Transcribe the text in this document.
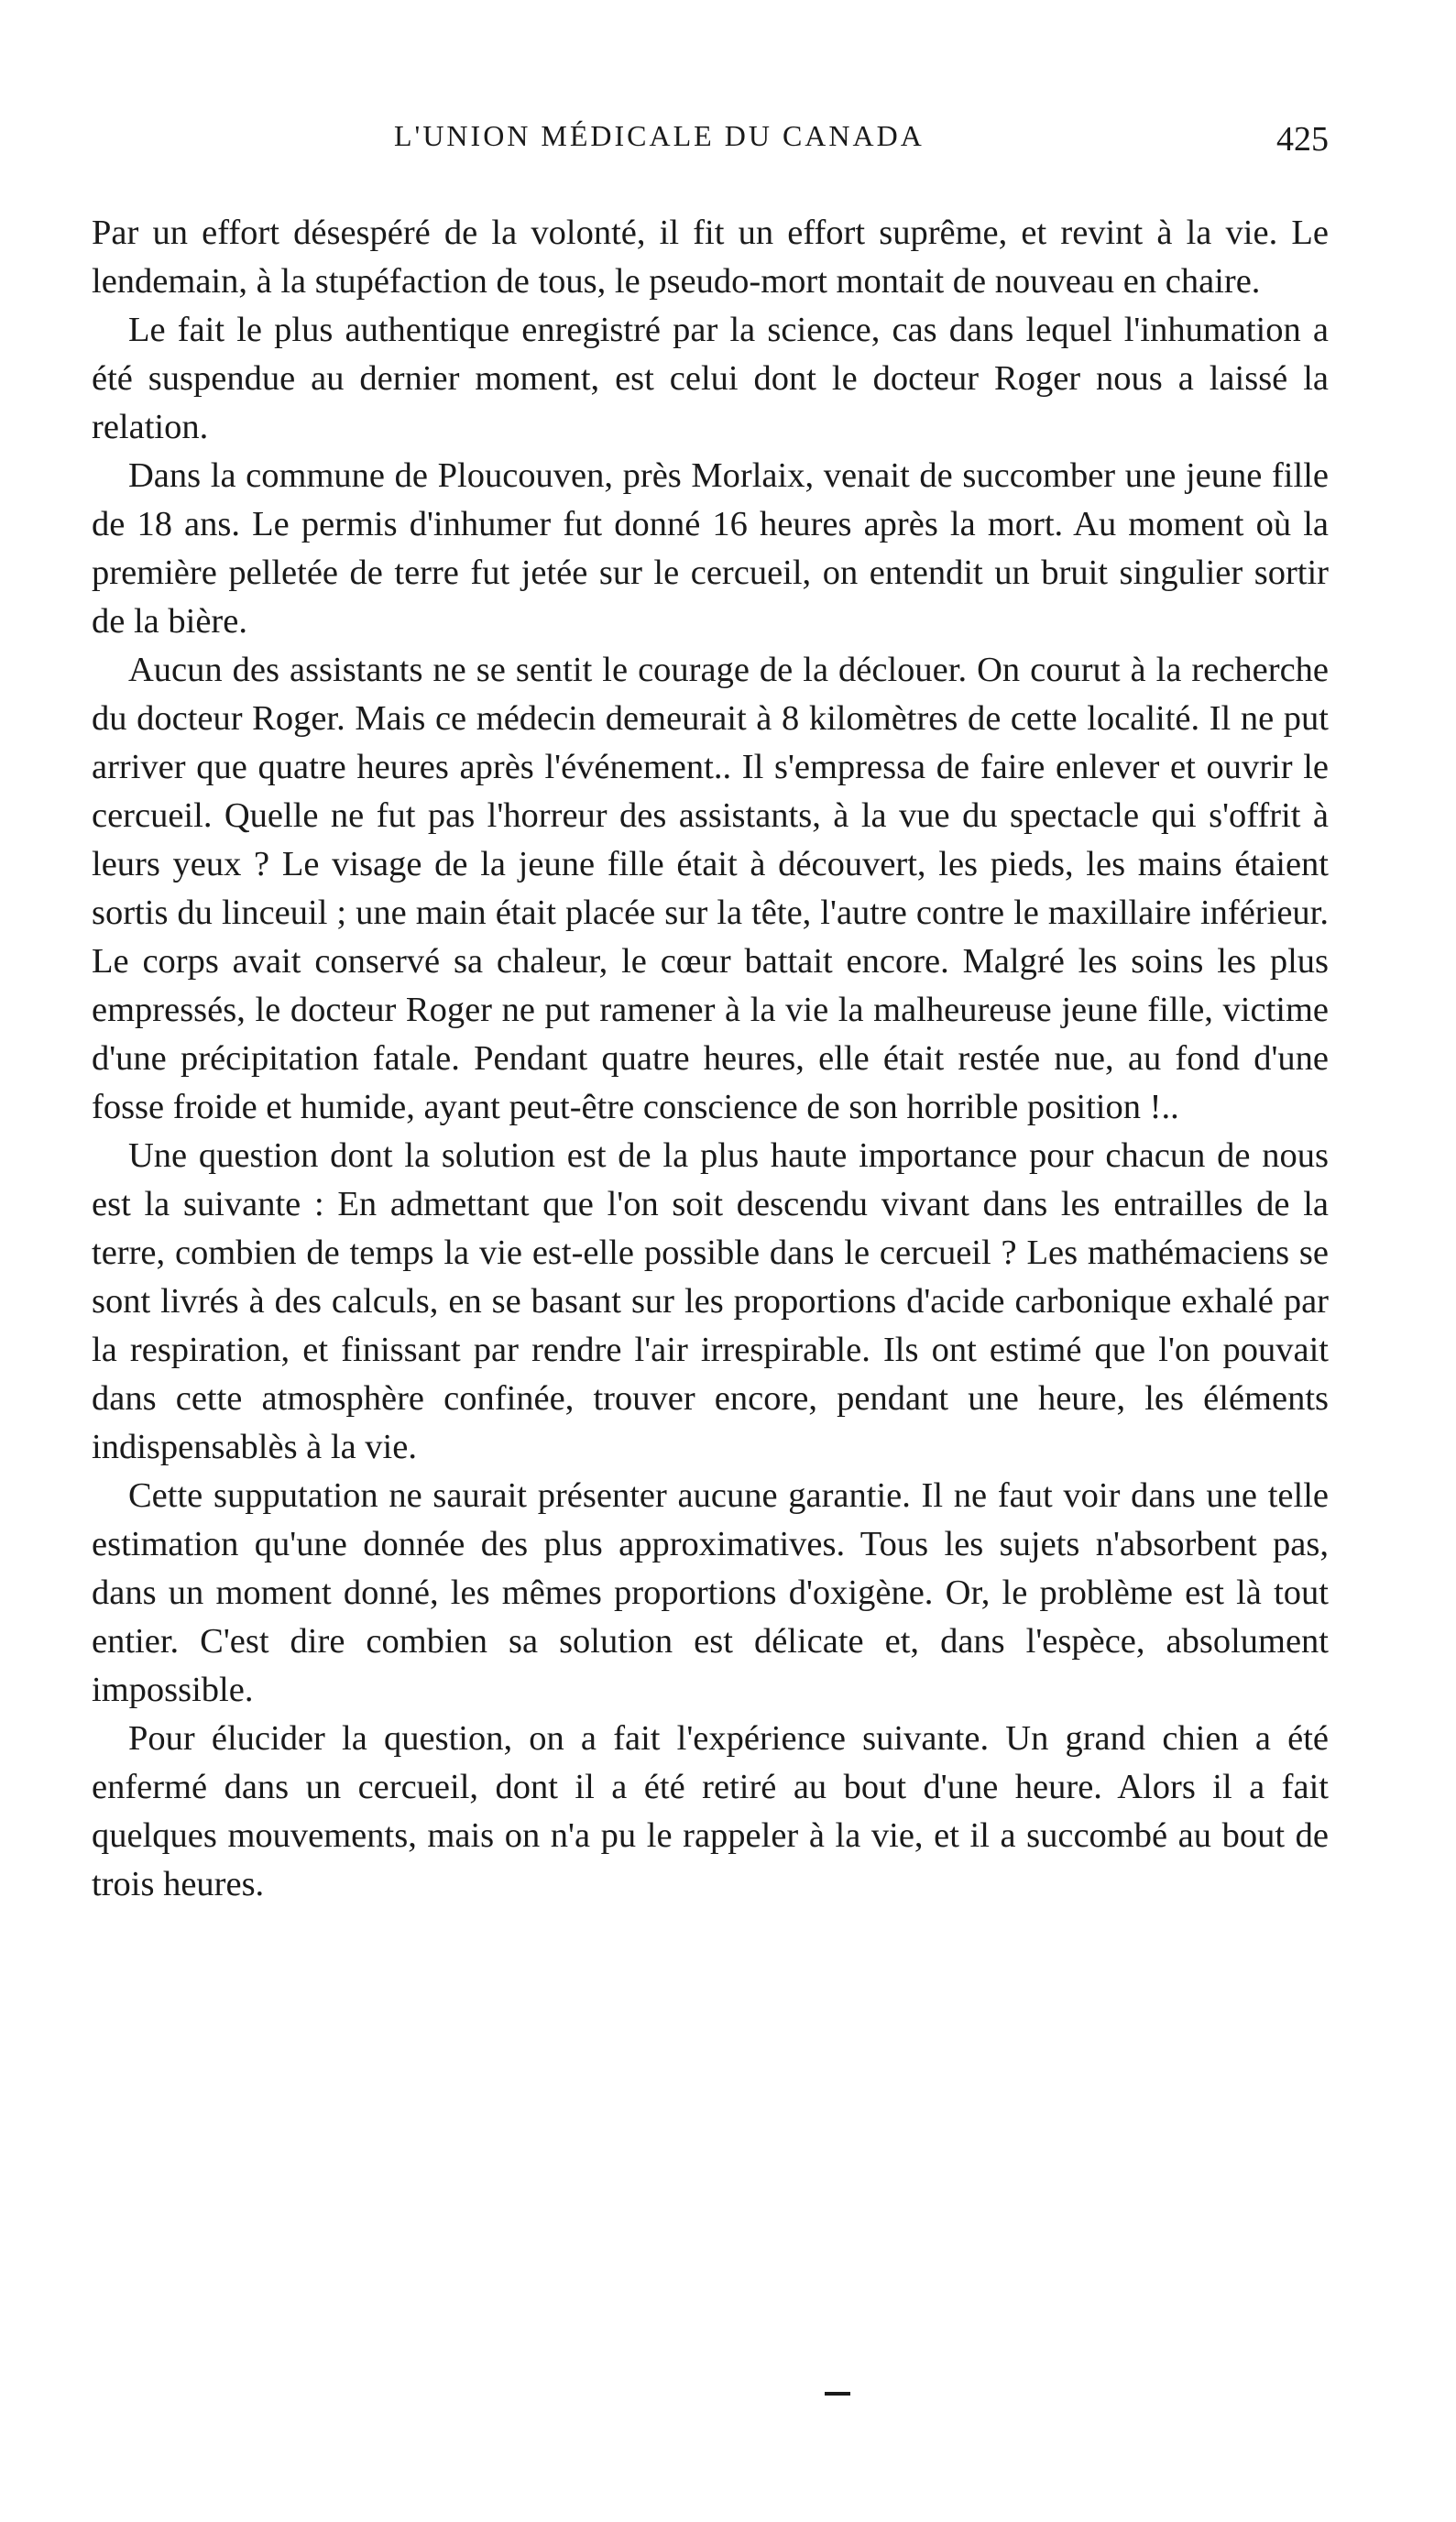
L'UNION MÉDICALE DU CANADA	425

Par un effort désespéré de la volonté, il fit un effort suprême, et revint à la vie. Le lendemain, à la stupéfaction de tous, le pseudo-mort montait de nouveau en chaire.

Le fait le plus authentique enregistré par la science, cas dans lequel l'inhumation a été suspendue au dernier moment, est celui dont le docteur Roger nous a laissé la relation.

Dans la commune de Ploucouven, près Morlaix, venait de succomber une jeune fille de 18 ans. Le permis d'inhumer fut donné 16 heures après la mort. Au moment où la première pelletée de terre fut jetée sur le cercueil, on entendit un bruit singulier sortir de la bière.

Aucun des assistants ne se sentit le courage de la déclouer. On courut à la recherche du docteur Roger. Mais ce médecin demeurait à 8 kilomètres de cette localité. Il ne put arriver que quatre heures après l'événement.. Il s'empressa de faire enlever et ouvrir le cercueil. Quelle ne fut pas l'horreur des assistants, à la vue du spectacle qui s'offrit à leurs yeux ? Le visage de la jeune fille était à découvert, les pieds, les mains étaient sortis du linceuil ; une main était placée sur la tête, l'autre contre le maxillaire inférieur. Le corps avait conservé sa chaleur, le cœur battait encore. Malgré les soins les plus empressés, le docteur Roger ne put ramener à la vie la malheureuse jeune fille, victime d'une précipitation fatale. Pendant quatre heures, elle était restée nue, au fond d'une fosse froide et humide, ayant peut-être conscience de son horrible position !..

Une question dont la solution est de la plus haute importance pour chacun de nous est la suivante : En admettant que l'on soit descendu vivant dans les entrailles de la terre, combien de temps la vie est-elle possible dans le cercueil ? Les mathémaciens se sont livrés à des calculs, en se basant sur les proportions d'acide carbonique exhalé par la respiration, et finissant par rendre l'air irrespirable. Ils ont estimé que l'on pouvait dans cette atmosphère confinée, trouver encore, pendant une heure, les éléments indispensablès à la vie.

Cette supputation ne saurait présenter aucune garantie. Il ne faut voir dans une telle estimation qu'une donnée des plus approximatives. Tous les sujets n'absorbent pas, dans un moment donné, les mêmes proportions d'oxigène. Or, le problème est là tout entier. C'est dire combien sa solution est délicate et, dans l'espèce, absolument impossible.

Pour élucider la question, on a fait l'expérience suivante. Un grand chien a été enfermé dans un cercueil, dont il a été retiré au bout d'une heure. Alors il a fait quelques mouvements, mais on n'a pu le rappeler à la vie, et il a succombé au bout de trois heures.
